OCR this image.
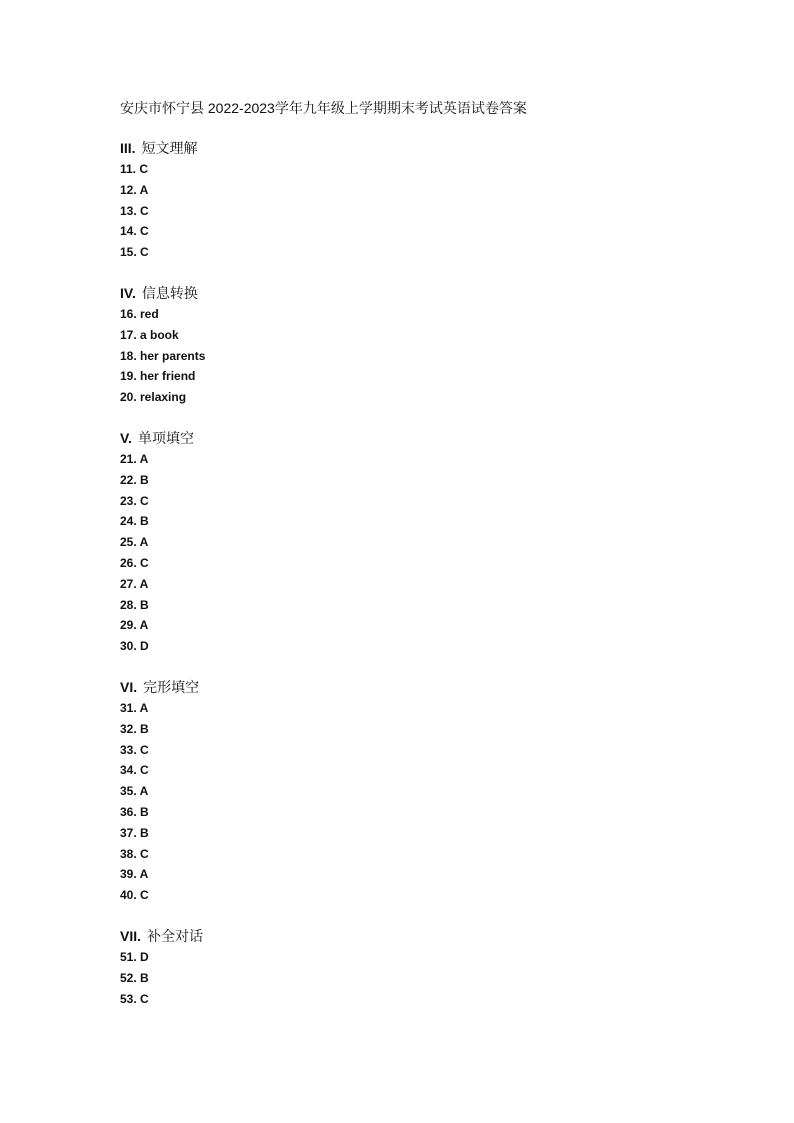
安庆市怀宁县 2022-2023学年九年级上学期期末考试英语试卷答案
III. 短文理解
11. C
12. A
13. C
14. C
15. C
IV. 信息转换
16. red
17. a book
18. her parents
19. her friend
20. relaxing
V. 单项填空
21. A
22. B
23. C
24. B
25. A
26. C
27. A
28. B
29. A
30. D
VI. 完形填空
31. A
32. B
33. C
34. C
35. A
36. B
37. B
38. C
39. A
40. C
VII. 补全对话
51. D
52. B
53. C
